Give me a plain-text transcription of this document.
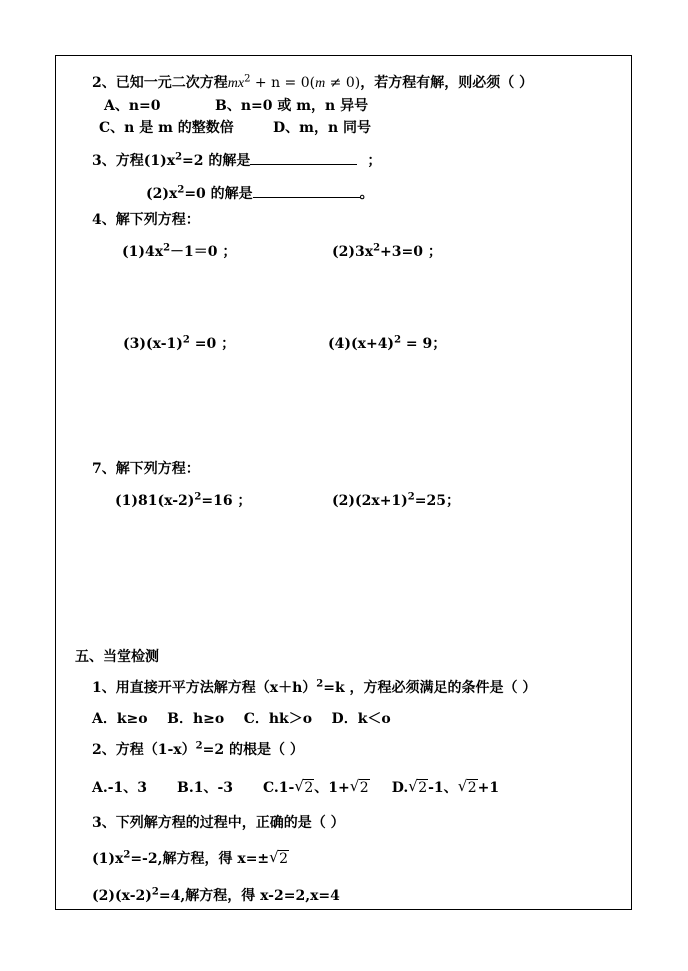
2、已知一元二次方程$mx^2 + n = 0(m \ne 0)$，若方程有解，则必须（ ）
A、n=0	B、n=0 或 m，n 异号
C、n 是 m 的整数倍	D、m，n 同号
3、方程$(1)x^2=2$ 的解是	；
$(2)x^2=0$ 的解是	。
4、解下列方程：
$(1)4x^2-1=0$ ；	$(2)3x^2+3=0$ ；
$(3)(x-1)^2 =0$ ；	$(4)(x+4)^2 = 9$；
7、解下列方程：
$(1)81(x-2)^2=16$ ；	$(2)(2x+1)^2=25$；
五、当堂检测
1、用直接开平方法解方程$(x+h)^2=k$ ，方程必须满足的条件是（ ）
A．k≥o    B．h≥o    C．hk＞o    D．k＜o
2、方程$(1-x)^2=2$ 的根是（ ）
A.-1、3 B.1、-3 C.1- √ 2、1+ √ 2 D. √ 2-1、 √ 2+1
3、下列解方程的过程中，正确的是（ ）
$(1)x^2=-2$,解方程，得 x=± √ 2
$(2)(x-2)^2=4$,解方程，得 x-2=2,x=4
